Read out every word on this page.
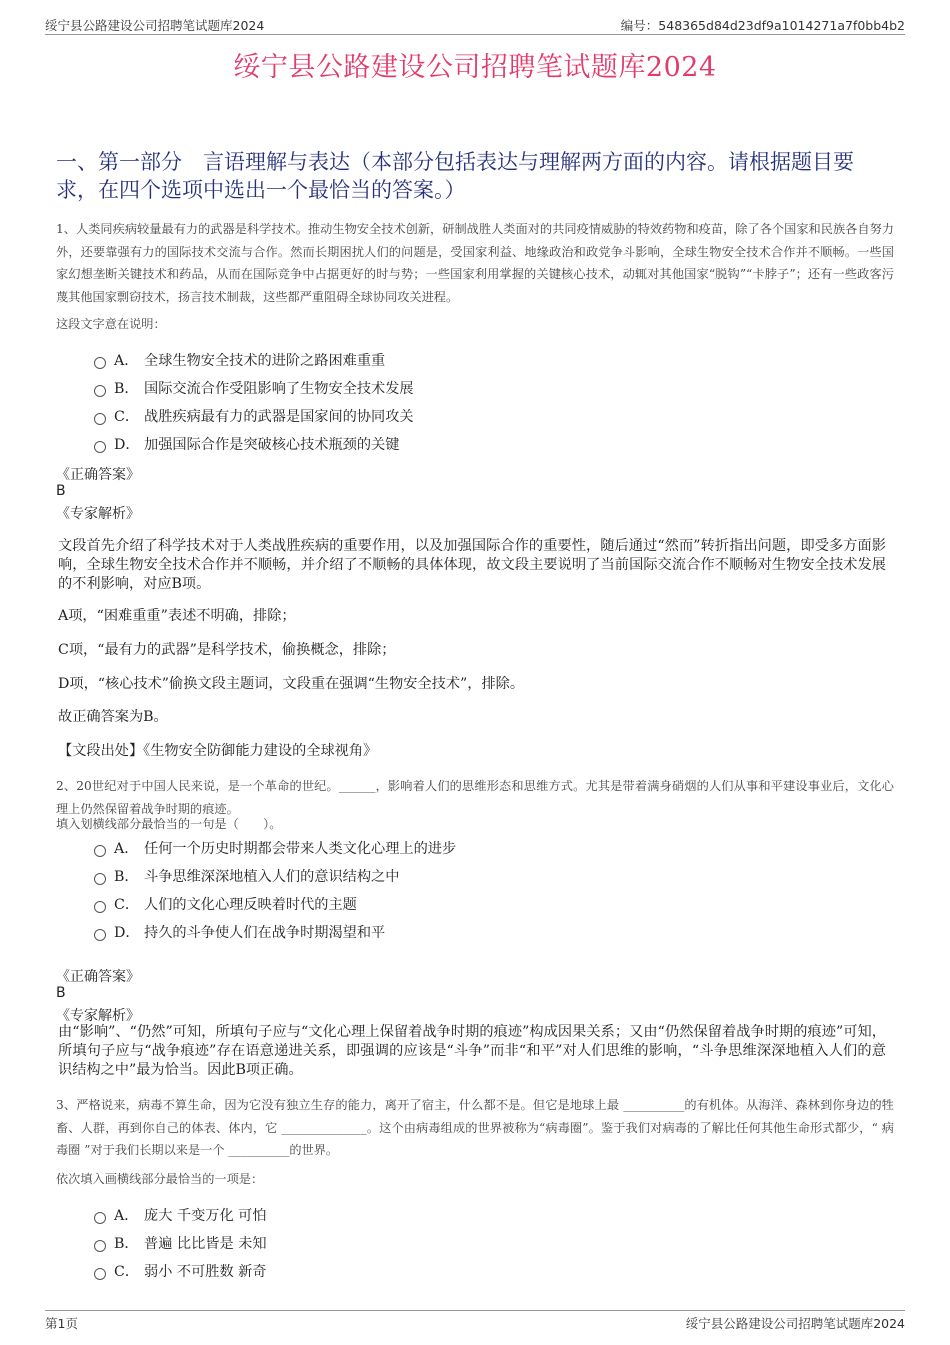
绥宁县公路建设公司招聘笔试题库2024	编号：548365d84d23df9a1014271a7f0bb4b2
绥宁县公路建设公司招聘笔试题库2024
一、第一部分　言语理解与表达（本部分包括表达与理解两方面的内容。请根据题目要求，在四个选项中选出一个最恰当的答案。）
1、人类同疾病较量最有力的武器是科学技术。推动生物安全技术创新，研制战胜人类面对的共同疫情威胁的特效药物和疫苗，除了各个国家和民族各自努力外，还要靠强有力的国际技术交流与合作。然而长期困扰人们的问题是，受国家利益、地缘政治和政党争斗影响，全球生物安全技术合作并不顺畅。一些国家幻想垄断关键技术和药品，从而在国际竞争中占据更好的时与势；一些国家利用掌握的关键核心技术，动辄对其他国家“脱钩”“卡脖子”；还有一些政客污蔑其他国家剽窃技术，扬言技术制裁，这些都严重阻碍全球协同攻关进程。
这段文字意在说明：
A． 全球生物安全技术的进阶之路困难重重
B． 国际交流合作受阻影响了生物安全技术发展
C． 战胜疾病最有力的武器是国家间的协同攻关
D． 加强国际合作是突破核心技术瓶颈的关键
《正确答案》
B
《专家解析》
文段首先介绍了科学技术对于人类战胜疾病的重要作用，以及加强国际合作的重要性，随后通过“然而”转折指出问题，即受多方面影响，全球生物安全技术合作并不顺畅，并介绍了不顺畅的具体体现，故文段主要说明了当前国际交流合作不顺畅对生物安全技术发展的不利影响，对应B项。
A项，“困难重重”表述不明确，排除；
C项，“最有力的武器”是科学技术，偷换概念，排除；
D项，“核心技术”偷换文段主题词，文段重在强调“生物安全技术”，排除。
故正确答案为B。
【文段出处】《生物安全防御能力建设的全球视角》
2、20世纪对于中国人民来说，是一个革命的世纪。______，影响着人们的思维形态和思维方式。尤其是带着满身硝烟的人们从事和平建设事业后，文化心理上仍然保留着战争时期的痕迹。
填入划横线部分最恰当的一句是（　　）。
A． 任何一个历史时期都会带来人类文化心理上的进步
B． 斗争思维深深地植入人们的意识结构之中
C． 人们的文化心理反映着时代的主题
D． 持久的斗争使人们在战争时期渴望和平
《正确答案》
B
《专家解析》
由“影响”、“仍然”可知，所填句子应与“文化心理上保留着战争时期的痕迹”构成因果关系；又由“仍然保留着战争时期的痕迹”可知，所填句子应与“战争痕迹”存在语意递进关系，即强调的应该是“斗争”而非“和平”对人们思维的影响，“斗争思维深深地植入人们的意识结构之中”最为恰当。因此B项正确。
3、严格说来，病毒不算生命，因为它没有独立生存的能力，离开了宿主，什么都不是。但它是地球上最 __________的有机体。从海洋、森林到你身边的牲畜、人群，再到你自己的体表、体内，它 ______________。这个由病毒组成的世界被称为“病毒圈”。鉴于我们对病毒的了解比任何其他生命形式都少，“ 病毒圈 ”对于我们长期以来是一个 __________的世界。
依次填入画横线部分最恰当的一项是：
A． 庞大 千变万化 可怕
B． 普遍 比比皆是 未知
C． 弱小 不可胜数 新奇
第1页	绥宁县公路建设公司招聘笔试题库2024
